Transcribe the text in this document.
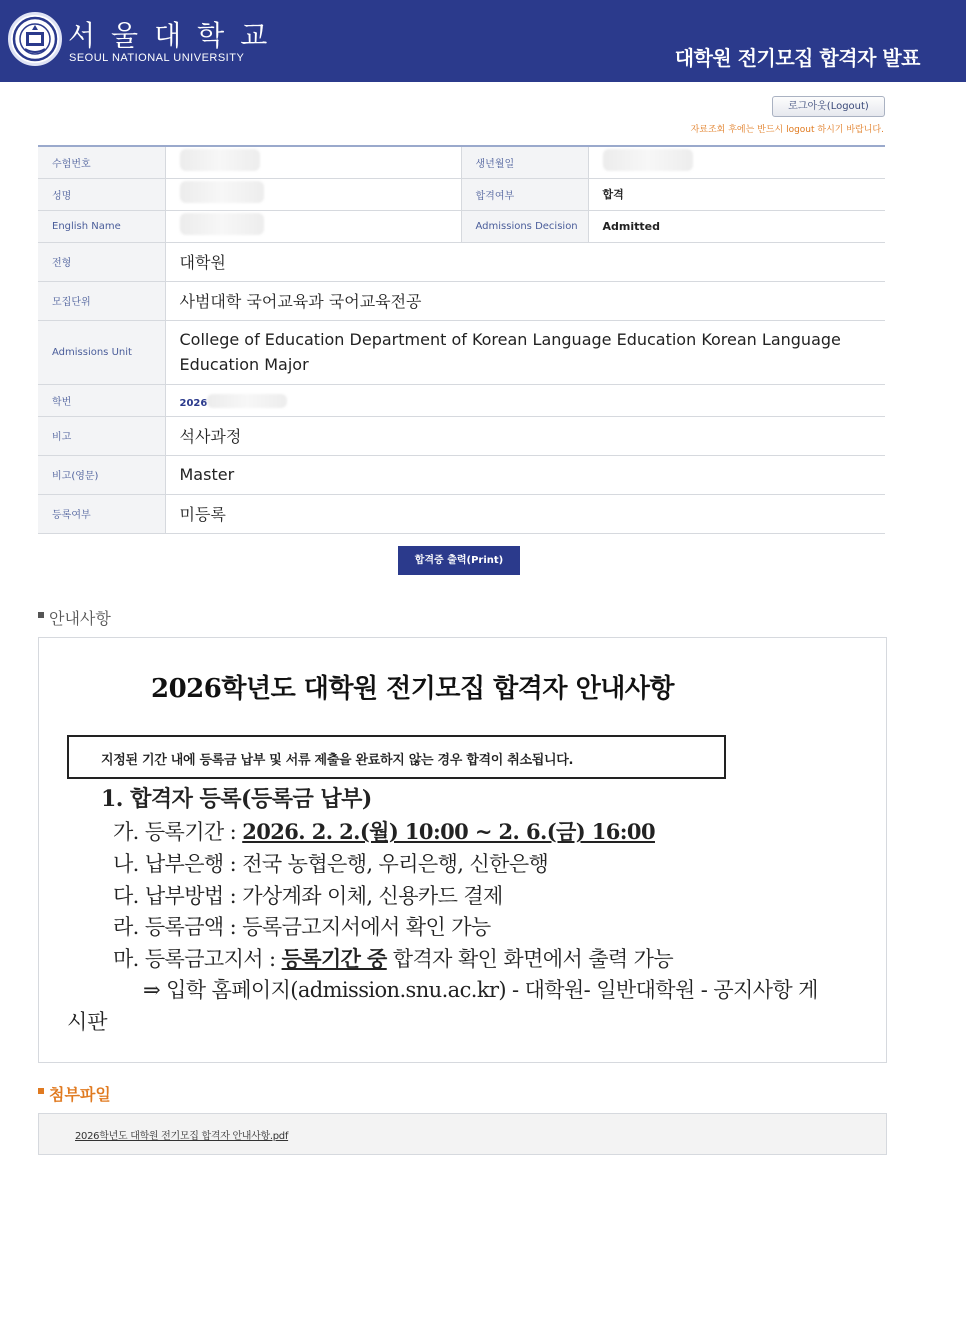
서울대학교
SEOUL NATIONAL UNIVERSITY	대학원 전기모집 합격자 발표
로그아웃(Logout)
자료조회 후에는 반드시 logout 하시기 바랍니다.
수험번호		생년월일	
성명		합격여부	합격
English Name		Admissions Decision	Admitted
전형	대학원		
모집단위	사범대학 국어교육과 국어교육전공		
Admissions Unit	College of Education Department of Korean Language Education Korean Language Education Major		
학번	2026		
비고	석사과정		
비고(영문)	Master		
등록여부	미등록		
합격증 출력(Print)
안내사항
2026학년도 대학원 전기모집 합격자 안내사항
지정된 기간 내에 등록금 납부 및 서류 제출을 완료하지 않는 경우 합격이 취소됩니다.
1. 합격자 등록(등록금 납부)
가. 등록기간 : 2026. 2. 2.(월) 10:00 ~ 2. 6.(금) 16:00
나. 납부은행 : 전국 농협은행, 우리은행, 신한은행
다. 납부방법 : 가상계좌 이체, 신용카드 결제
라. 등록금액 : 등록금고지서에서 확인 가능
마. 등록금고지서 : 등록기간 중 합격자 확인 화면에서 출력 가능
⇒ 입학 홈페이지(admission.snu.ac.kr) - 대학원- 일반대학원 - 공지사항 게
시판
첨부파일
2026학년도 대학원 전기모집 합격자 안내사항.pdf
